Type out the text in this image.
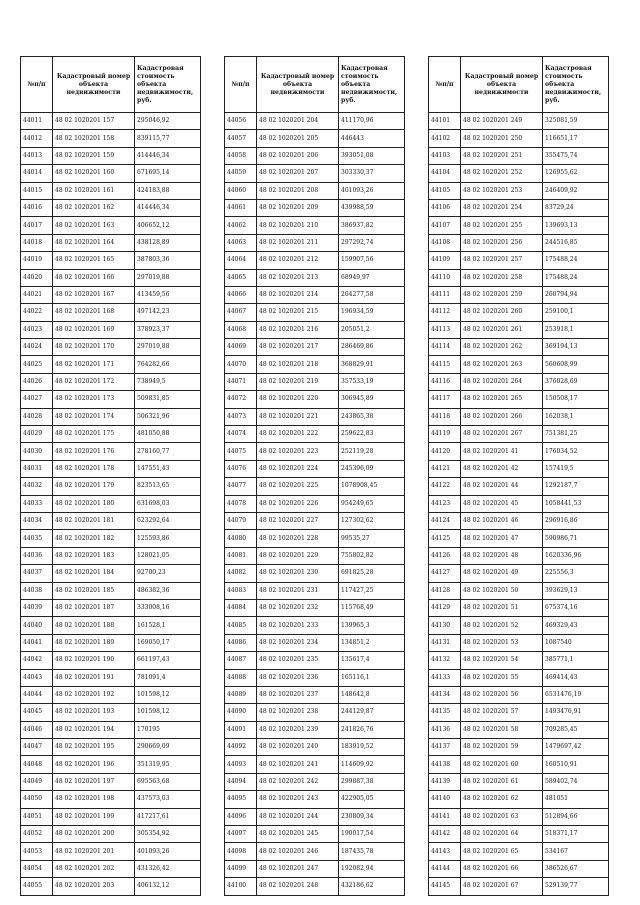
№п/п	Кадастровый номер объекта недвижимости	Кадастровая стоимость объекта недвижимости, руб.
44011	48 02 1020201 157	295046,92
44012	48 02 1020201 158	839115,77
44013	48 02 1020201 159	414446,34
44014	48 02 1020201 160	671695,14
44015	48 02 1020201 161	424183,88
44016	48 02 1020201 162	414446,34
44017	48 02 1020201 163	406652,12
44018	48 02 1020201 164	438128,89
44019	48 02 1020201 165	387803,36
44020	48 02 1020201 166	297019,88
44021	48 02 1020201 167	413459,56
44022	48 02 1020201 168	497142,23
44023	48 02 1020201 169	378923,37
44024	48 02 1020201 170	297019,88
44025	48 02 1020201 171	764282,66
44026	48 02 1020201 172	738949,5
44027	48 02 1020201 173	509831,85
44028	48 02 1020201 174	506321,96
44029	48 02 1020201 175	481050,88
44030	48 02 1020201 176	278160,77
44031	48 02 1020201 178	147551,43
44032	48 02 1020201 179	823513,65
44033	48 02 1020201 180	631698,03
44034	48 02 1020201 181	623292,64
44035	48 02 1020201 182	125593,86
44036	48 02 1020201 183	128021,05
44037	48 02 1020201 184	92700,23
44038	48 02 1020201 185	486382,36
44039	48 02 1020201 187	333008,16
44040	48 02 1020201 188	161528,1
44041	48 02 1020201 189	169050,17
44042	48 02 1020201 190	661197,43
44043	48 02 1020201 191	781091,4
44044	48 02 1020201 192	101598,12
44045	48 02 1020201 193	101598,12
44046	48 02 1020201 194	170195
44047	48 02 1020201 195	290669,09
44048	48 02 1020201 196	351319,95
44049	48 02 1020201 197	695563,68
44050	48 02 1020201 198	437573,03
44051	48 02 1020201 199	417217,61
44052	48 02 1020201 200	305354,92
44053	48 02 1020201 201	401093,26
44054	48 02 1020201 202	431326,42
44055	48 02 1020201 203	406132,12
№п/п	Кадастровый номер объекта недвижимости	Кадастровая стоимость объекта недвижимости, руб.
44056	48 02 1020201 204	411170,96
44057	48 02 1020201 205	446443
44058	48 02 1020201 206	393051,08
44059	48 02 1020201 207	303330,37
44060	48 02 1020201 208	401093,26
44061	48 02 1020201 209	439988,59
44062	48 02 1020201 210	386937,82
44063	48 02 1020201 211	297292,74
44064	48 02 1020201 212	159907,56
44065	48 02 1020201 213	68949,97
44066	48 02 1020201 214	204277,58
44067	48 02 1020201 215	196934,59
44068	48 02 1020201 216	205051,2
44069	48 02 1020201 217	286469,86
44070	48 02 1020201 218	368829,91
44071	48 02 1020201 219	357533,19
44072	48 02 1020201 220	306945,89
44073	48 02 1020201 221	243865,38
44074	48 02 1020201 222	259622,83
44075	48 02 1020201 223	252119,28
44076	48 02 1020201 224	245396,09
44077	48 02 1020201 225	1078908,45
44078	48 02 1020201 226	954249,65
44079	48 02 1020201 227	127302,62
44080	48 02 1020201 228	99535,27
44081	48 02 1020201 229	755802,82
44082	48 02 1020201 230	691825,28
44083	48 02 1020201 231	117427,25
44084	48 02 1020201 232	115768,49
44085	48 02 1020201 233	139965,3
44086	48 02 1020201 234	134851,2
44087	48 02 1020201 235	135617,4
44088	48 02 1020201 236	165116,1
44089	48 02 1020201 237	148642,8
44090	48 02 1020201 238	244129,87
44091	48 02 1020201 239	241826,76
44092	48 02 1020201 240	183919,52
44093	48 02 1020201 241	114609,92
44094	48 02 1020201 242	299887,38
44095	48 02 1020201 243	422905,05
44096	48 02 1020201 244	230809,34
44097	48 02 1020201 245	190017,54
44098	48 02 1020201 246	187435,78
44099	48 02 1020201 247	192082,94
44100	48 02 1020201 248	432186,62
№п/п	Кадастровый номер объекта недвижимости	Кадастровая стоимость объекта недвижимости, руб.
44101	48 02 1020201 249	325081,59
44102	48 02 1020201 250	116651,17
44103	48 02 1020201 251	355475,74
44104	48 02 1020201 252	126955,62
44105	48 02 1020201 253	246409,92
44106	48 02 1020201 254	83729,24
44107	48 02 1020201 255	139693,13
44108	48 02 1020201 256	244516,85
44109	48 02 1020201 257	175488,24
44110	48 02 1020201 258	175488,24
44111	48 02 1020201 259	260794,94
44112	48 02 1020201 260	259100,1
44113	48 02 1020201 261	253918,1
44114	48 02 1020201 262	369194,13
44115	48 02 1020201 263	560608,99
44116	48 02 1020201 264	376028,69
44117	48 02 1020201 265	150508,17
44118	48 02 1020201 266	162038,1
44119	48 02 1020201 267	751381,25
44120	48 02 1020201 41	176034,52
44121	48 02 1020201 42	157419,5
44122	48 02 1020201 44	1292187,7
44123	48 02 1020201 45	1058441,53
44124	48 02 1020201 46	296916,86
44125	48 02 1020201 47	590986,71
44126	48 02 1020201 48	1620336,96
44127	48 02 1020201 49	225556,3
44128	48 02 1020201 50	393629,13
44129	48 02 1020201 51	675374,16
44130	48 02 1020201 52	469329,43
44131	48 02 1020201 53	1087540
44132	48 02 1020201 54	385771,1
44133	48 02 1020201 55	469414,43
44134	48 02 1020201 56	6531476,19
44135	48 02 1020201 57	1493476,91
44136	48 02 1020201 58	709285,45
44137	48 02 1020201 59	1479697,42
44138	48 02 1020201 60	160510,91
44139	48 02 1020201 61	589402,74
44140	48 02 1020201 62	481051
44141	48 02 1020201 63	512894,66
44142	48 02 1020201 64	518371,17
44143	48 02 1020201 65	534167
44144	48 02 1020201 66	386526,67
44145	48 02 1020201 67	529139,77
